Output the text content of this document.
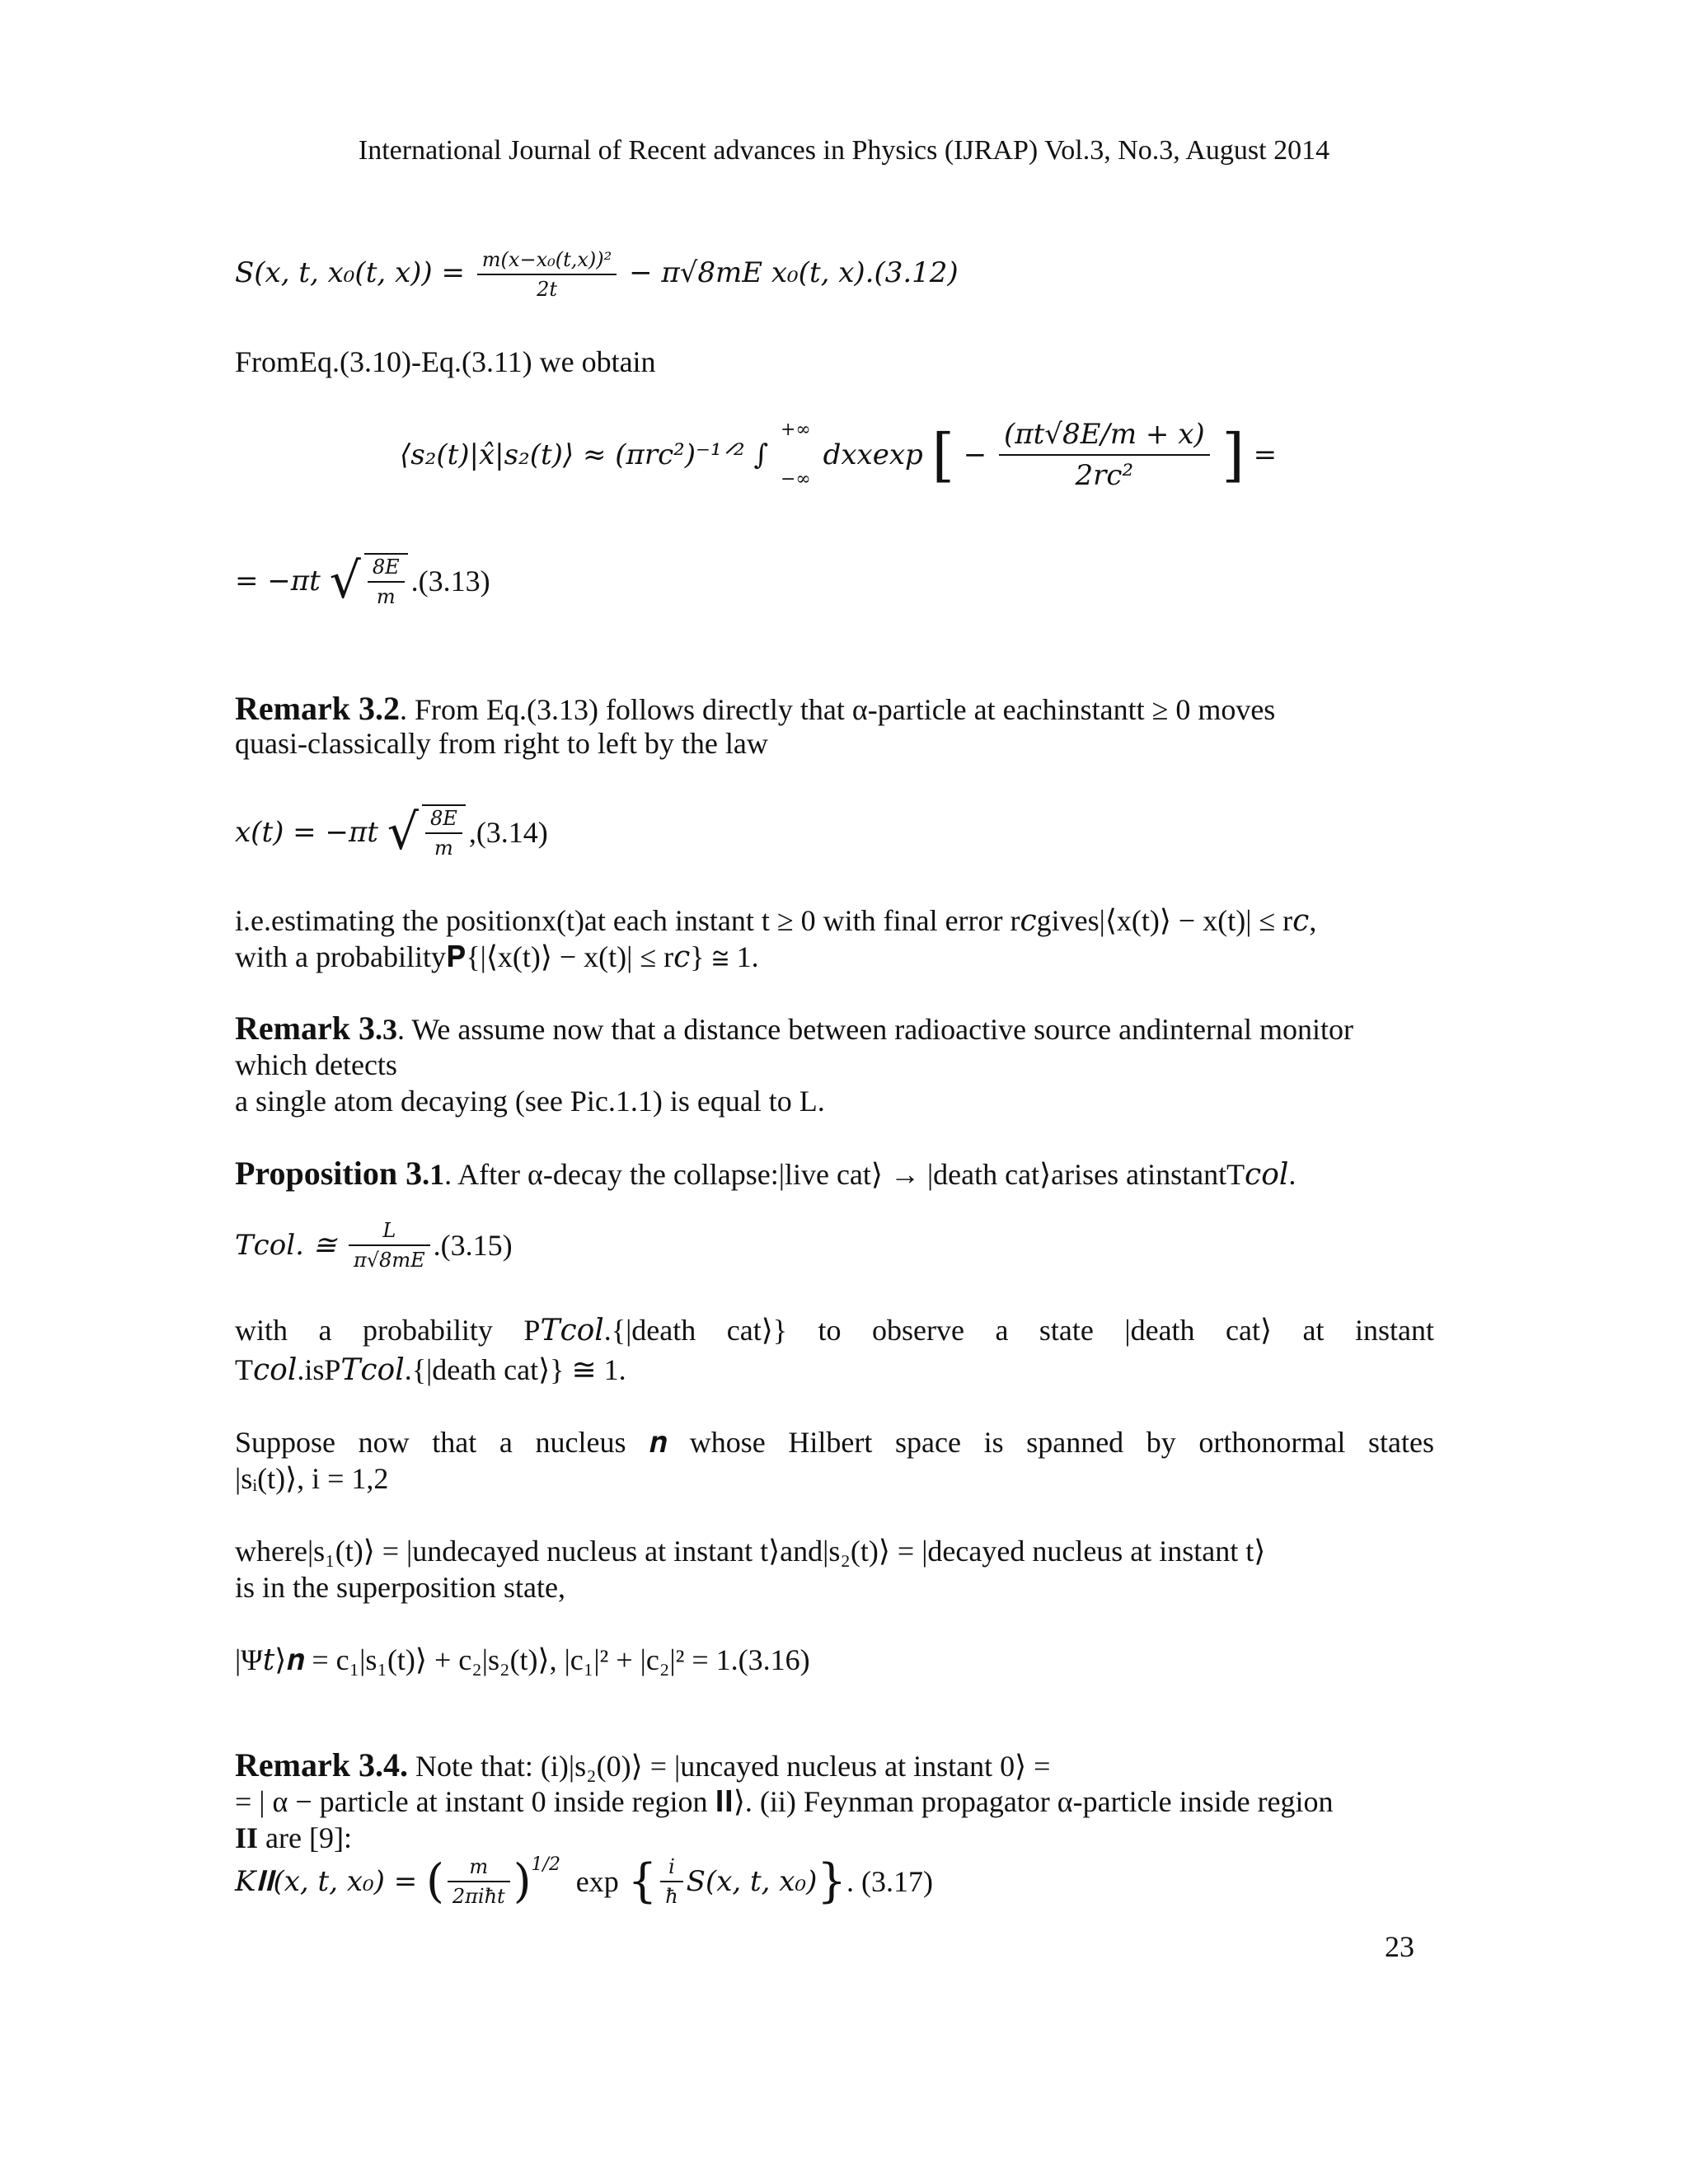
International Journal of Recent advances in Physics (IJRAP) Vol.3, No.3, August 2014
S(x, t, x₀(t, $x)) = \frac{\text{m(x−x₀(t,x))²}}{2t} - \pi√8mE$ x₀(t, x).(3.12)
FromEq.(3.10)-Eq.(3.11) we obtain
⟨s₂(t)|x̂|s₂(t)⟩ ≈ (πr𝑐²)⁻¹ᐟ² ∫
+∞
−∞
dxxexp [ − $\frac{(\pi t√8E/m + x)}{\text{2r𝑐²}}$ ] =
= −πt √ $\frac{8E}{m} .(3.13)$
Remark 3.2. From Eq.(3.13) follows directly that α-particle at eachinstantt ≥ 0 moves
quasi-classically from right to left by the law
x(t) = −πt √ $\frac{8E}{m} ,(3.14)$
i.e.estimating the positionx(t)at each instant t ≥ 0 with final error r𝑐gives|⟨x(t)⟩ − x(t)| ≤ r𝑐,
with a probability𝐏{|⟨x(t)⟩ − x(t)| ≤ r𝑐} ≅ 1.
Remark 3.3. We assume now that a distance between radioactive source andinternal monitor
which detects
a single atom decaying (see Pic.1.1) is equal to L.
Proposition 3.1. After α-decay the collapse:|live cat⟩ → |death cat⟩arises atinstantT𝑐𝑜𝑙.
T𝑐𝑜𝑙. ≅ $\frac{L}{\pi√8mE} .(3.15)$
with a probability P𝑇𝑐𝑜𝑙.{|death cat⟩} to observe a state |death cat⟩ at instant
T𝑐𝑜𝑙.isP𝑇𝑐𝑜𝑙.{|death cat⟩} ≅ 1.
Suppose now that a nucleus 𝒏 whose Hilbert space is spanned by orthonormal states
|sᵢ(t)⟩, i = 1,2
where|s₁(t)⟩ = |undecayed nucleus at instant t⟩and|s₂(t)⟩ = |decayed nucleus at instant t⟩
is in the superposition state,
|Ψ𝑡⟩𝒏 = c₁|s₁(t)⟩ + c₂|s₂(t)⟩, |c₁|² + |c₂|² = 1.(3.16)
Remark 3.4. Note that: (i)|s₂(0)⟩ = |uncayed nucleus at instant 0⟩ =
= | α − particle at instant 0 inside region 𝐈𝐈⟩. (ii) Feynman propagator α-particle inside region
II are [9]:
K𝐈𝐈(x, t, x₀) = ( $\frac{m}{\text{2πiħt}} )^{1/2}$ exp { $\frac{i}{ħ} S(x$, t, x₀)}. (3.17)
23
